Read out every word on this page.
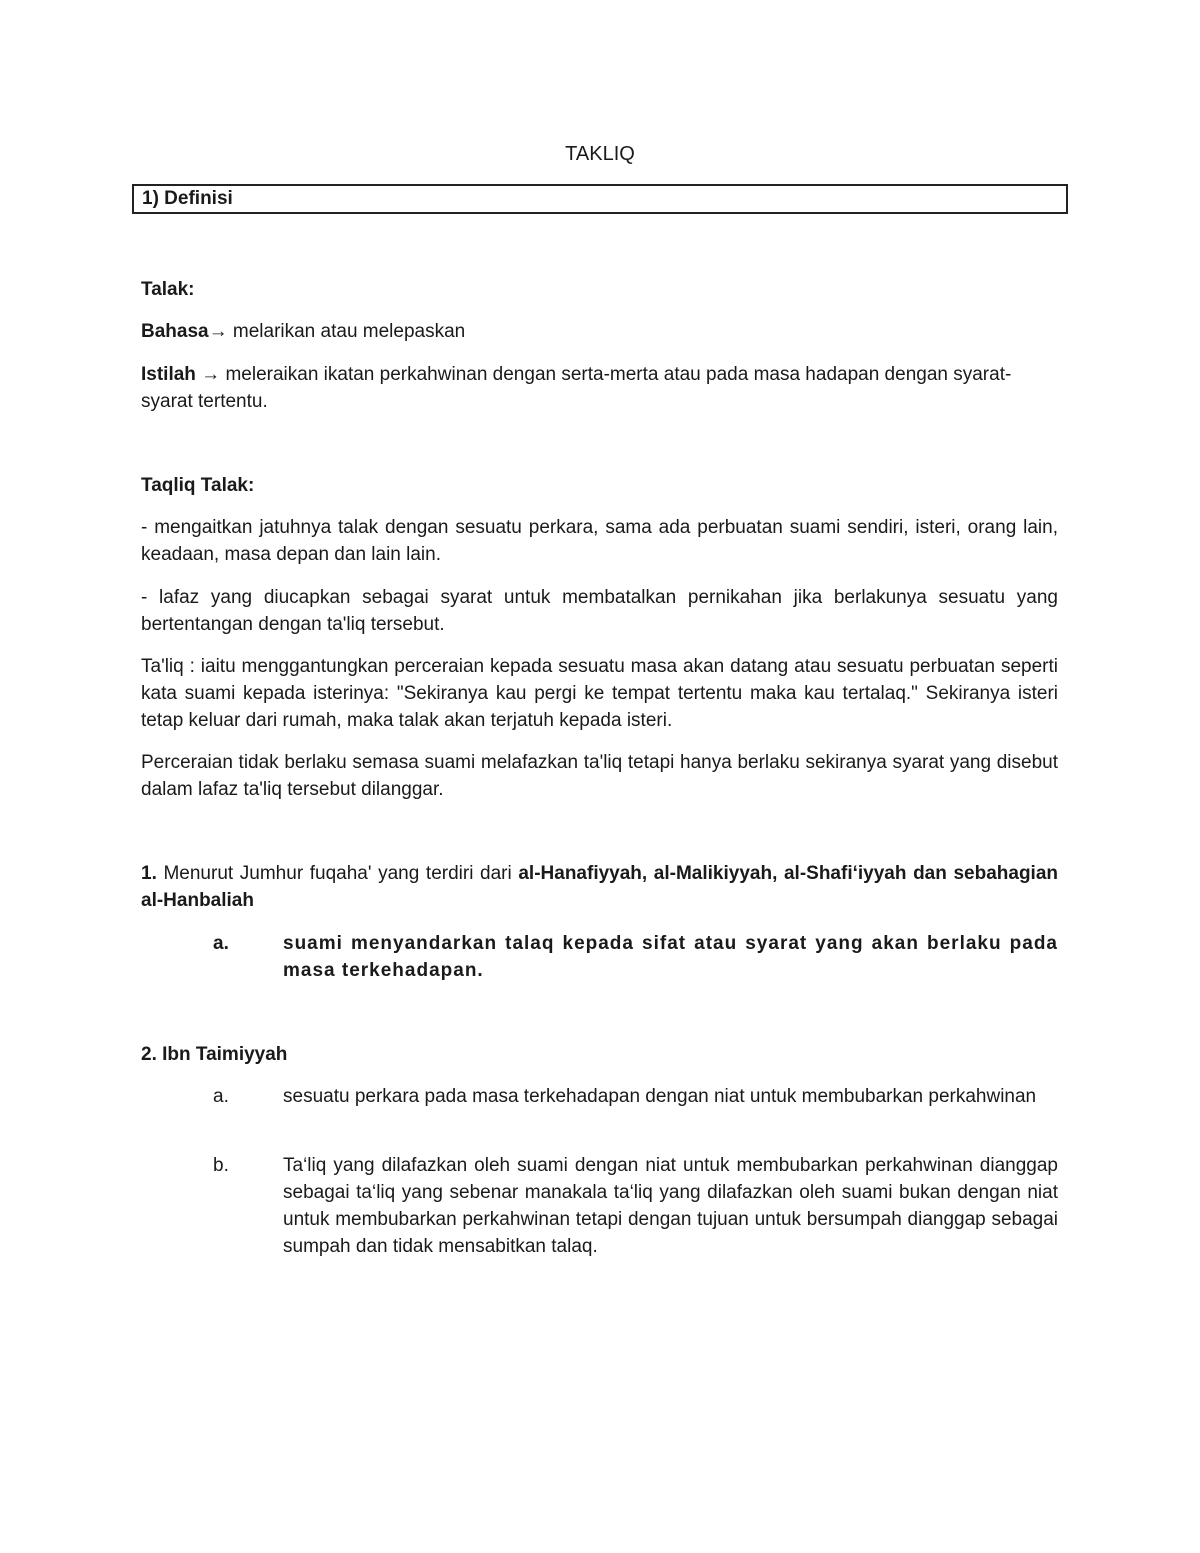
TAKLIQ
1) Definisi
Talak:
Bahasa→ melarikan atau melepaskan
Istilah → meleraikan ikatan perkahwinan dengan serta-merta atau pada masa hadapan dengan syarat- syarat tertentu.
Taqliq Talak:
- mengaitkan jatuhnya talak dengan sesuatu perkara, sama ada perbuatan suami sendiri, isteri, orang lain, keadaan, masa depan dan lain lain.
- lafaz yang diucapkan sebagai syarat untuk membatalkan pernikahan jika berlakunya sesuatu yang bertentangan dengan ta'liq tersebut.
Ta'liq : iaitu menggantungkan perceraian kepada sesuatu masa akan datang atau sesuatu perbuatan seperti kata suami kepada isterinya: "Sekiranya kau pergi ke tempat tertentu maka kau tertalaq." Sekiranya isteri tetap keluar dari rumah, maka talak akan terjatuh kepada isteri.
Perceraian tidak berlaku semasa suami melafazkan ta'liq tetapi hanya berlaku sekiranya syarat yang disebut dalam lafaz ta'liq tersebut dilanggar.
1. Menurut Jumhur fuqaha' yang terdiri dari al-Hanafiyyah, al-Malikiyyah, al-Shafi‘iyyah dan sebahagian al-Hanbaliah
a.	suami menyandarkan talaq kepada sifat atau syarat yang akan berlaku pada masa terkehadapan.
2. Ibn Taimiyyah
a.	sesuatu perkara pada masa terkehadapan dengan niat untuk membubarkan perkahwinan
b.	Ta‘liq yang dilafazkan oleh suami dengan niat untuk membubarkan perkahwinan dianggap sebagai ta‘liq yang sebenar manakala ta‘liq yang dilafazkan oleh suami bukan dengan niat untuk membubarkan perkahwinan tetapi dengan tujuan untuk bersumpah dianggap sebagai sumpah dan tidak mensabitkan talaq.
